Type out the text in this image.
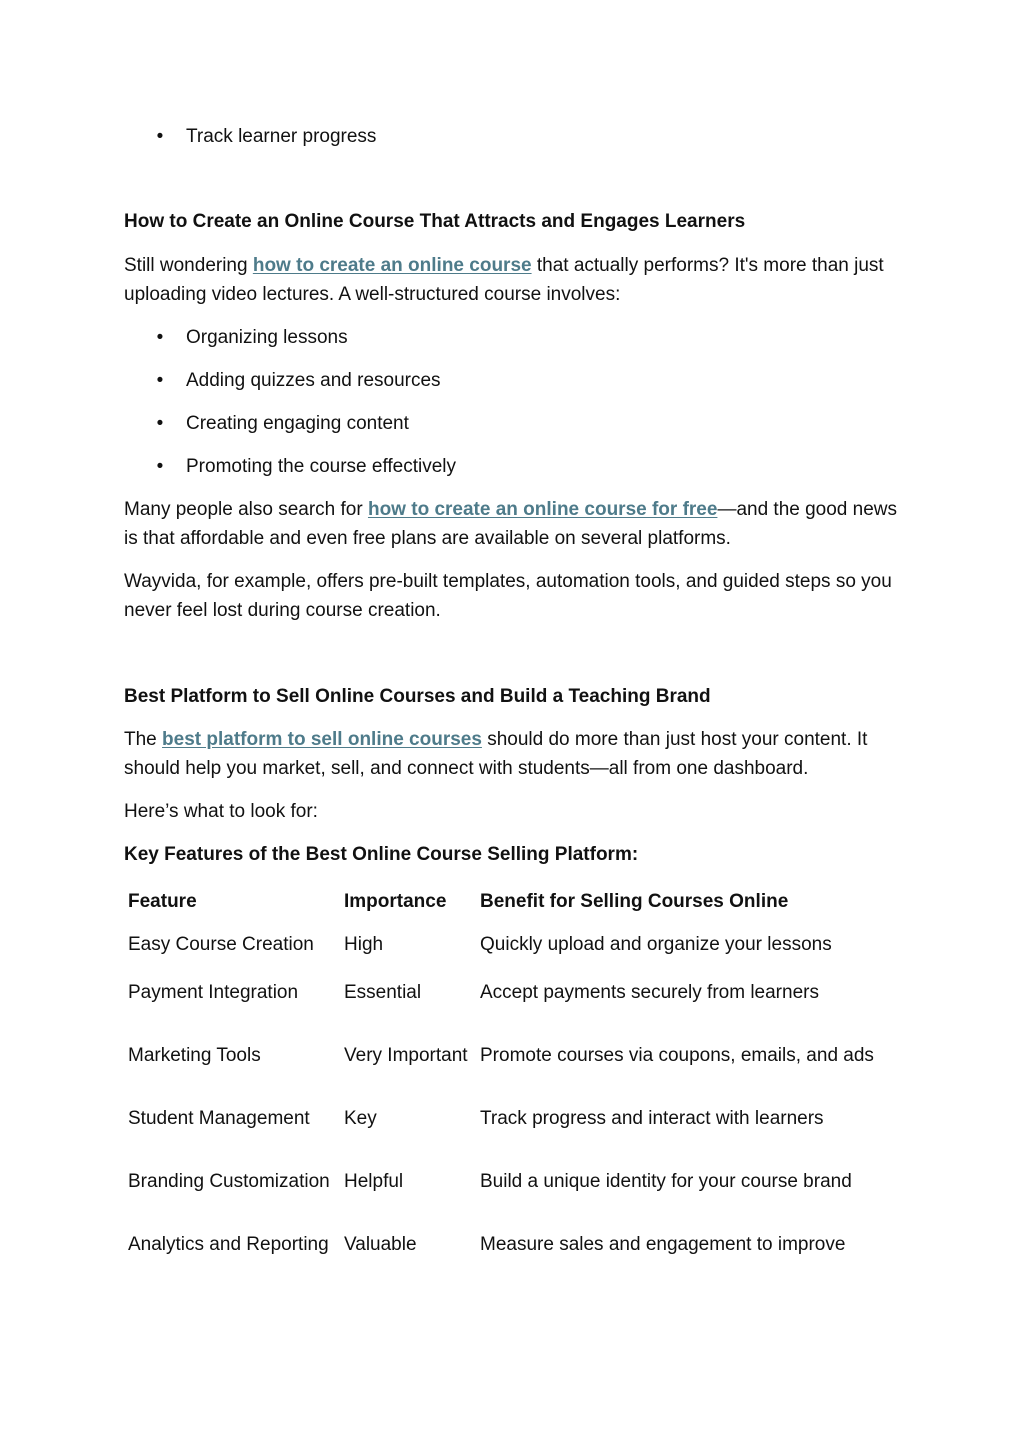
• Track learner progress

How to Create an Online Course That Attracts and Engages Learners

Still wondering how to create an online course that actually performs? It's more than just uploading video lectures. A well-structured course involves:

• Organizing lessons
• Adding quizzes and resources
• Creating engaging content
• Promoting the course effectively

Many people also search for how to create an online course for free—and the good news is that affordable and even free plans are available on several platforms.

Wayvida, for example, offers pre-built templates, automation tools, and guided steps so you never feel lost during course creation.

Best Platform to Sell Online Courses and Build a Teaching Brand

The best platform to sell online courses should do more than just host your content. It should help you market, sell, and connect with students—all from one dashboard.

Here’s what to look for:

Key Features of the Best Online Course Selling Platform:

Feature	Importance	Benefit for Selling Courses Online
Easy Course Creation	High	Quickly upload and organize your lessons
Payment Integration	Essential	Accept payments securely from learners
Marketing Tools	Very Important	Promote courses via coupons, emails, and ads
Student Management	Key	Track progress and interact with learners
Branding Customization	Helpful	Build a unique identity for your course brand
Analytics and Reporting	Valuable	Measure sales and engagement to improve
